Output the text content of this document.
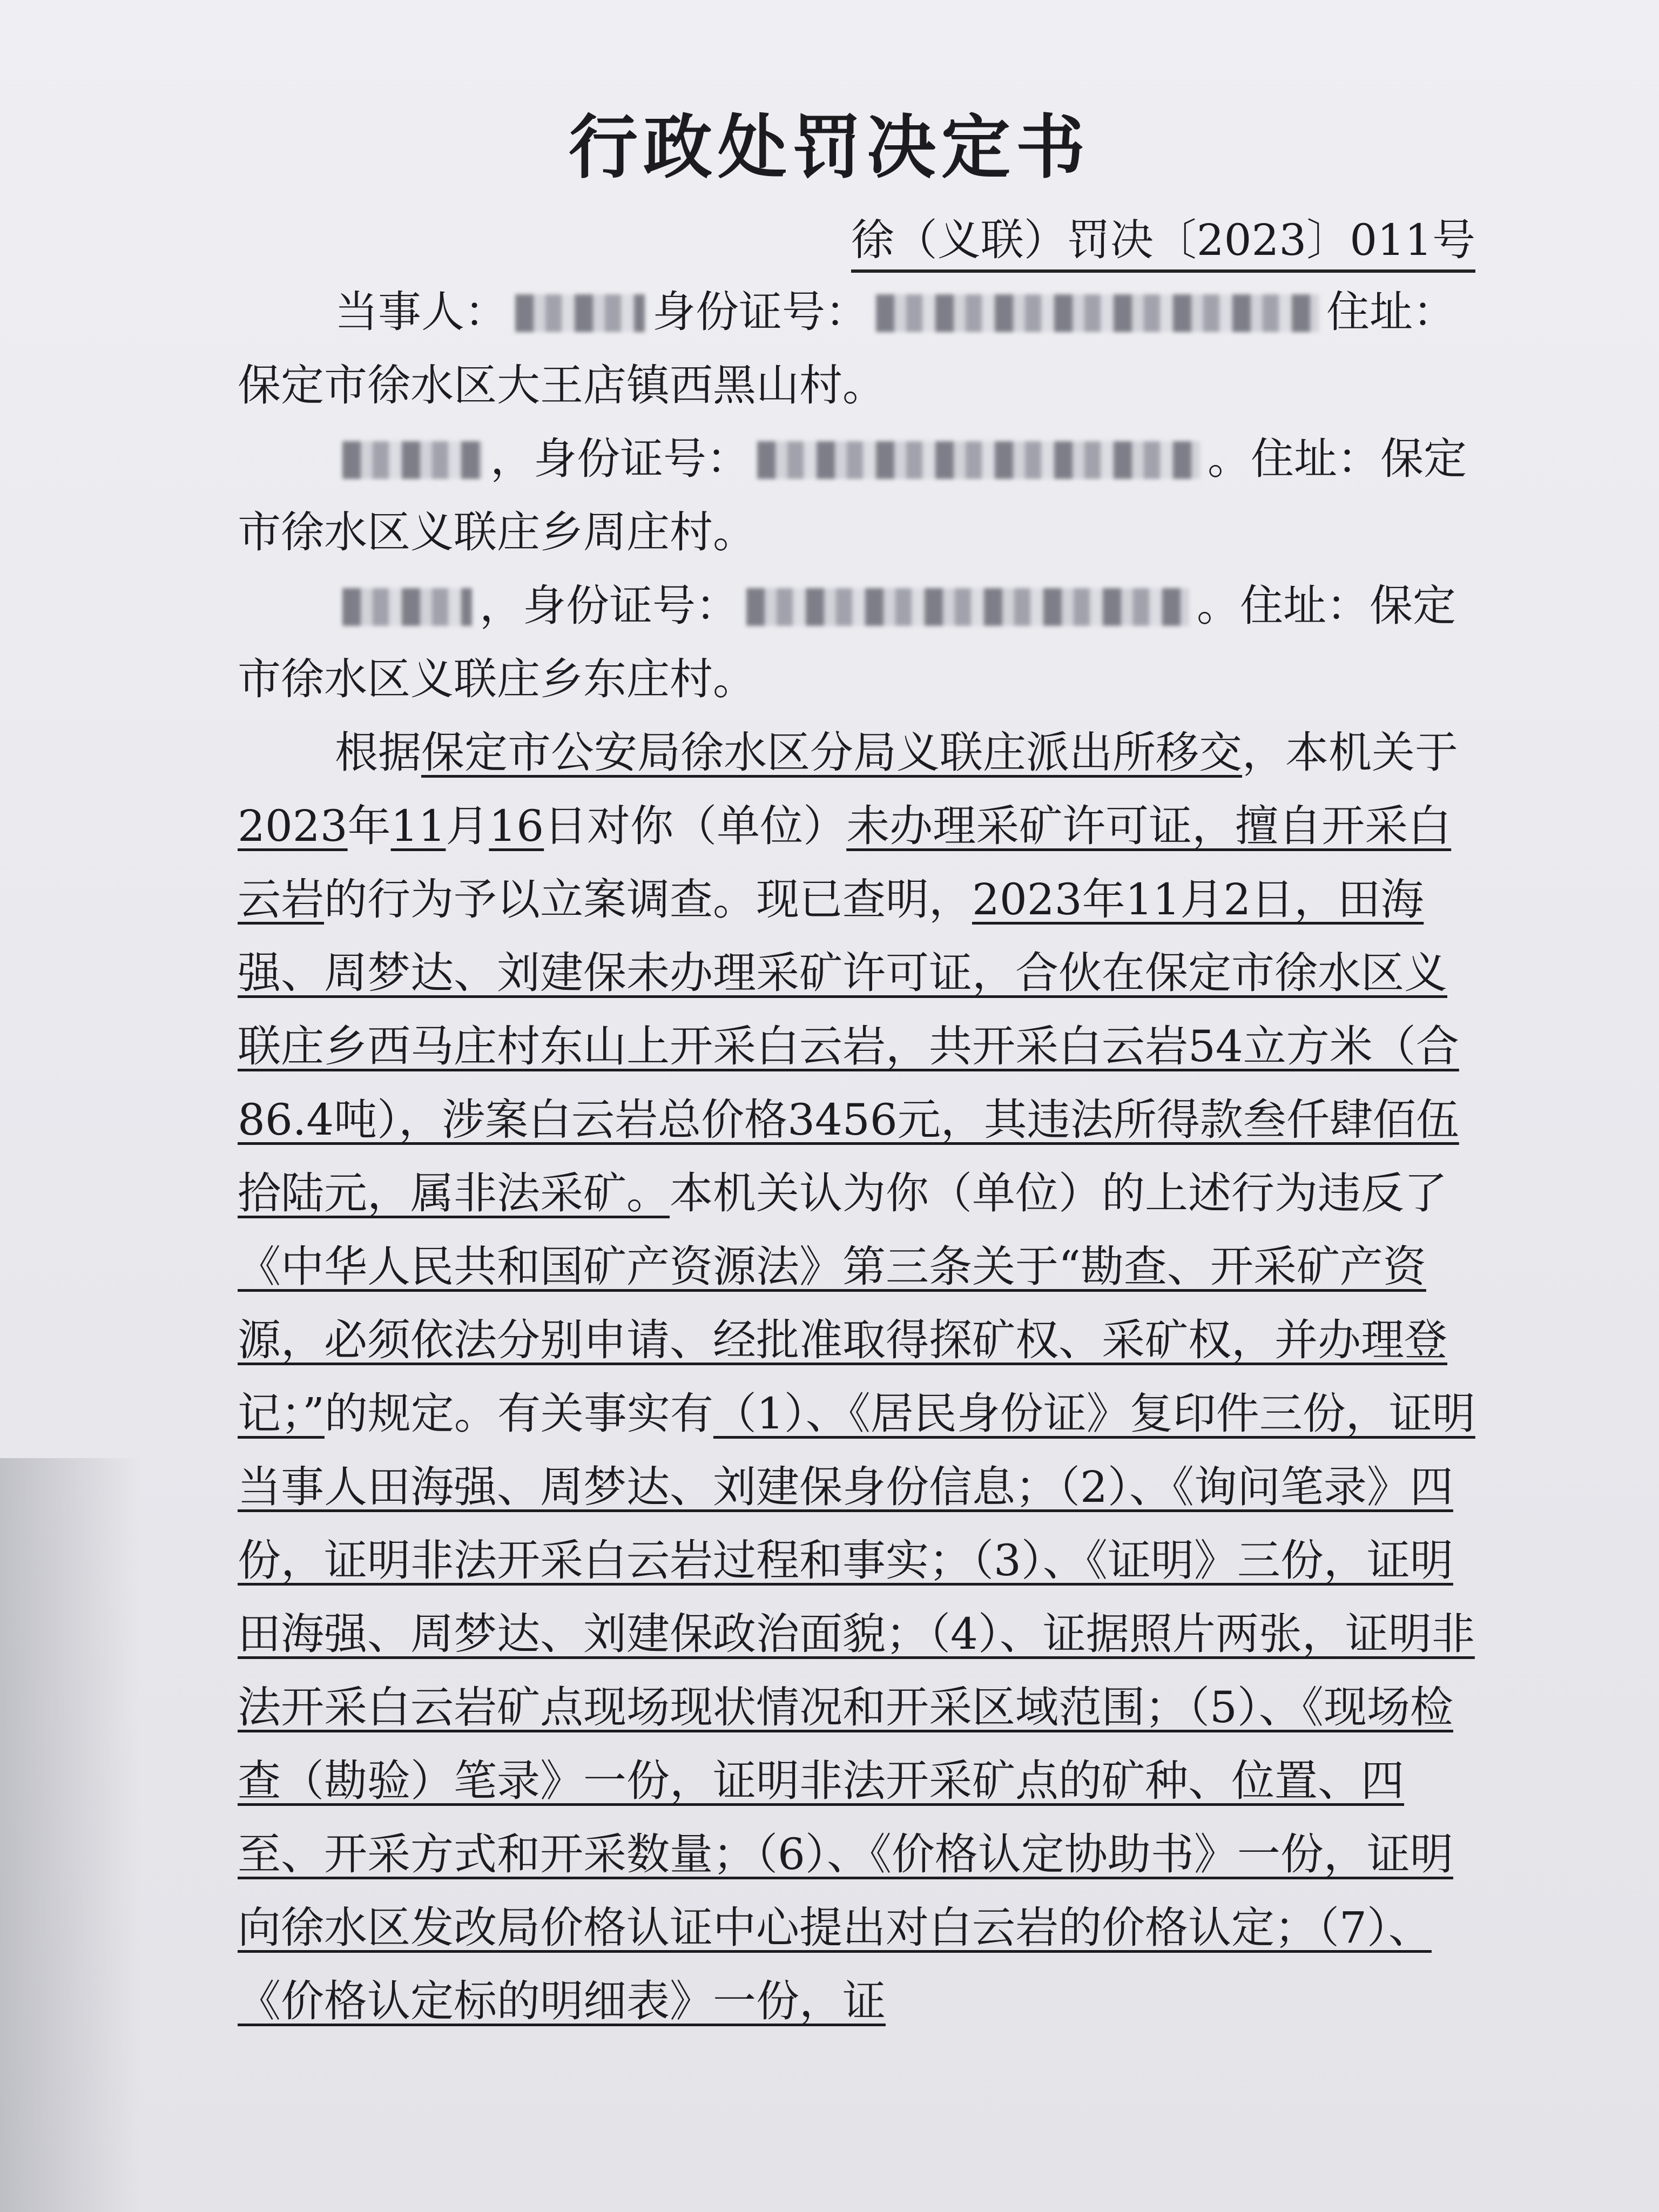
行政处罚决定书
徐（义联）罚决〔2023〕011号

当事人：	身份证号：	住址：保定市徐水区大王店镇西黑山村。

，身份证号：	。住址：保定市徐水区义联庄乡周庄村。

，身份证号：	。住址：保定市徐水区义联庄乡东庄村。

根据保定市公安局徐水区分局义联庄派出所移交，本机关于2023年11月16日对你（单位）未办理采矿许可证，擅自开采白云岩的行为予以立案调查。现已查明，2023年11月2日，田海强、周梦达、刘建保未办理采矿许可证，合伙在保定市徐水区义联庄乡西马庄村东山上开采白云岩，共开采白云岩54立方米（合86.4吨），涉案白云岩总价格3456元，其违法所得款叁仟肆佰伍拾陆元，属非法采矿。本机关认为你（单位）的上述行为违反了《中华人民共和国矿产资源法》第三条关于“勘查、开采矿产资源，必须依法分别申请、经批准取得探矿权、采矿权，并办理登记；”的规定。有关事实有（1）、《居民身份证》复印件三份，证明当事人田海强、周梦达、刘建保身份信息；（2）、《询问笔录》四份，证明非法开采白云岩过程和事实；（3）、《证明》三份，证明田海强、周梦达、刘建保政治面貌；（4）、证据照片两张，证明非法开采白云岩矿点现场现状情况和开采区域范围；（5）、《现场检查（勘验）笔录》一份，证明非法开采矿点的矿种、位置、四至、开采方式和开采数量；（6）、《价格认定协助书》一份，证明向徐水区发改局价格认证中心提出对白云岩的价格认定；（7）、《价格认定标的明细表》一份，证
